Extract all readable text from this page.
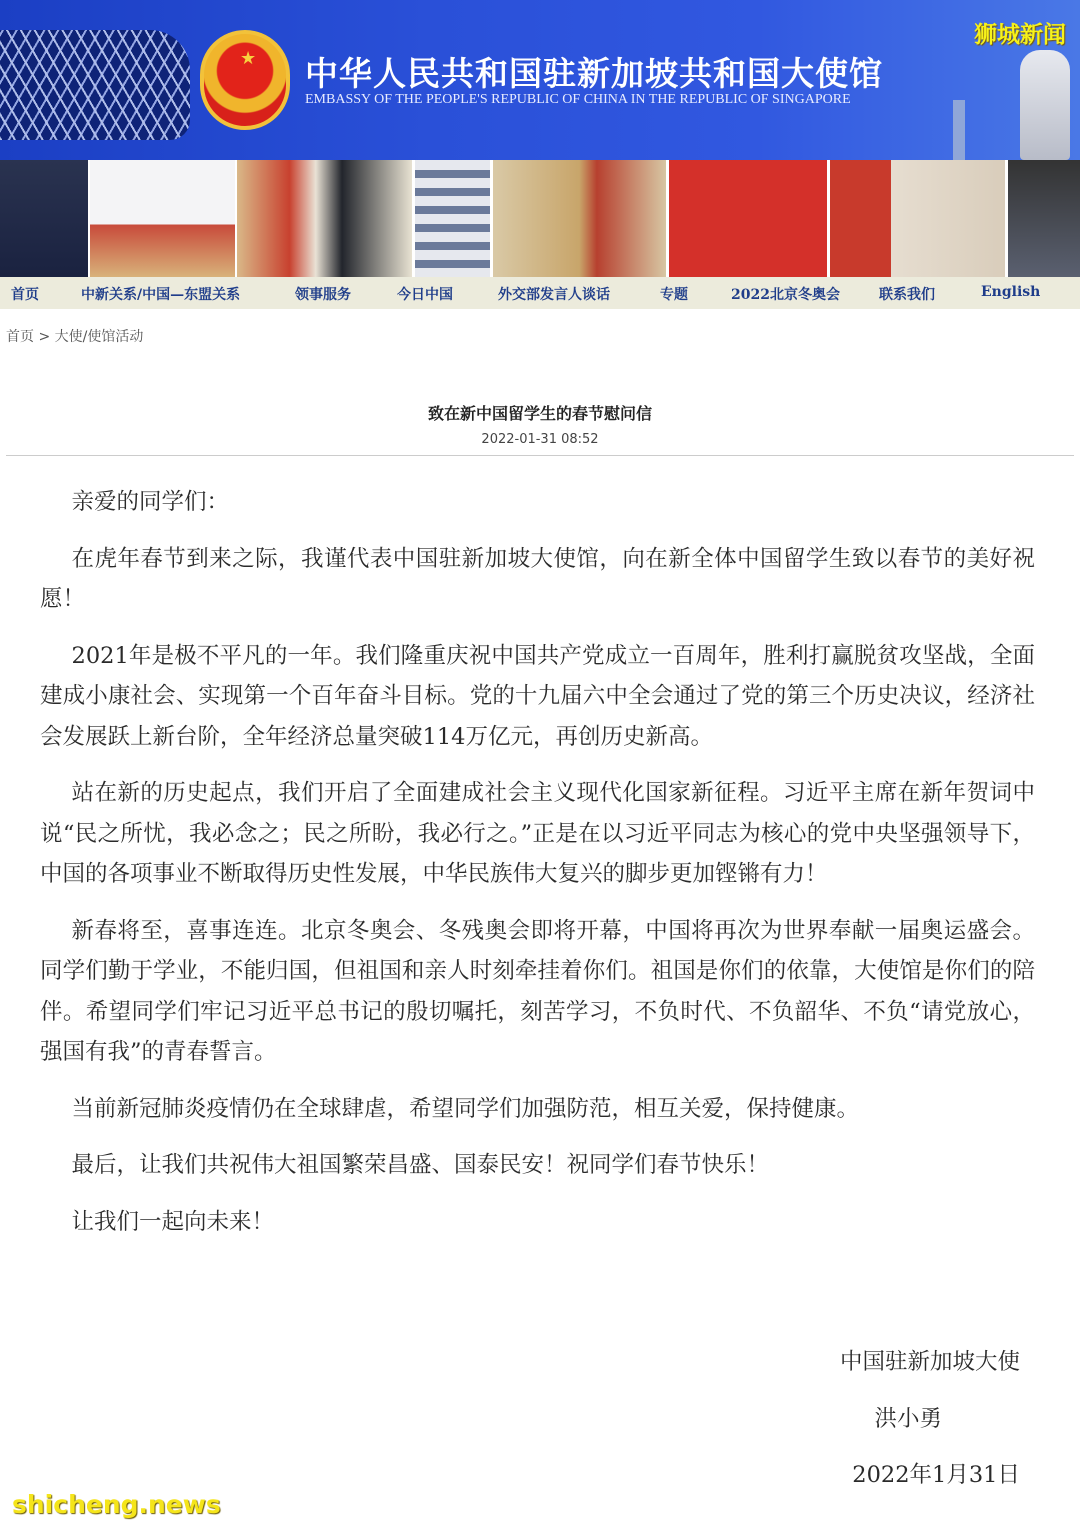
★ 中华人民共和国驻新加坡共和国大使馆
EMBASSY OF THE PEOPLE'S REPUBLIC OF CHINA IN THE REPUBLIC OF SINGAPORE
狮城新闻
首页	中新关系/中国—东盟关系	领事服务	今日中国	外交部发言人谈话	专题	2022北京冬奥会	联系我们	English
首页 > 大使/使馆活动
致在新中国留学生的春节慰问信
2022-01-31 08:52

亲爱的同学们：

在虎年春节到来之际，我谨代表中国驻新加坡大使馆，向在新全体中国留学生致以春节的美好祝愿！

2021年是极不平凡的一年。我们隆重庆祝中国共产党成立一百周年，胜利打赢脱贫攻坚战，全面建成小康社会、实现第一个百年奋斗目标。党的十九届六中全会通过了党的第三个历史决议，经济社会发展跃上新台阶，全年经济总量突破114万亿元，再创历史新高。

站在新的历史起点，我们开启了全面建成社会主义现代化国家新征程。习近平主席在新年贺词中说“民之所忧，我必念之；民之所盼，我必行之。”正是在以习近平同志为核心的党中央坚强领导下，中国的各项事业不断取得历史性发展，中华民族伟大复兴的脚步更加铿锵有力！

新春将至，喜事连连。北京冬奥会、冬残奥会即将开幕，中国将再次为世界奉献一届奥运盛会。同学们勤于学业，不能归国，但祖国和亲人时刻牵挂着你们。祖国是你们的依靠，大使馆是你们的陪伴。希望同学们牢记习近平总书记的殷切嘱托，刻苦学习，不负时代、不负韶华、不负“请党放心，强国有我”的青春誓言。

当前新冠肺炎疫情仍在全球肆虐，希望同学们加强防范，相互关爱，保持健康。

最后，让我们共祝伟大祖国繁荣昌盛、国泰民安！祝同学们春节快乐！

让我们一起向未来！

中国驻新加坡大使
洪小勇
2022年1月31日
shicheng.news
